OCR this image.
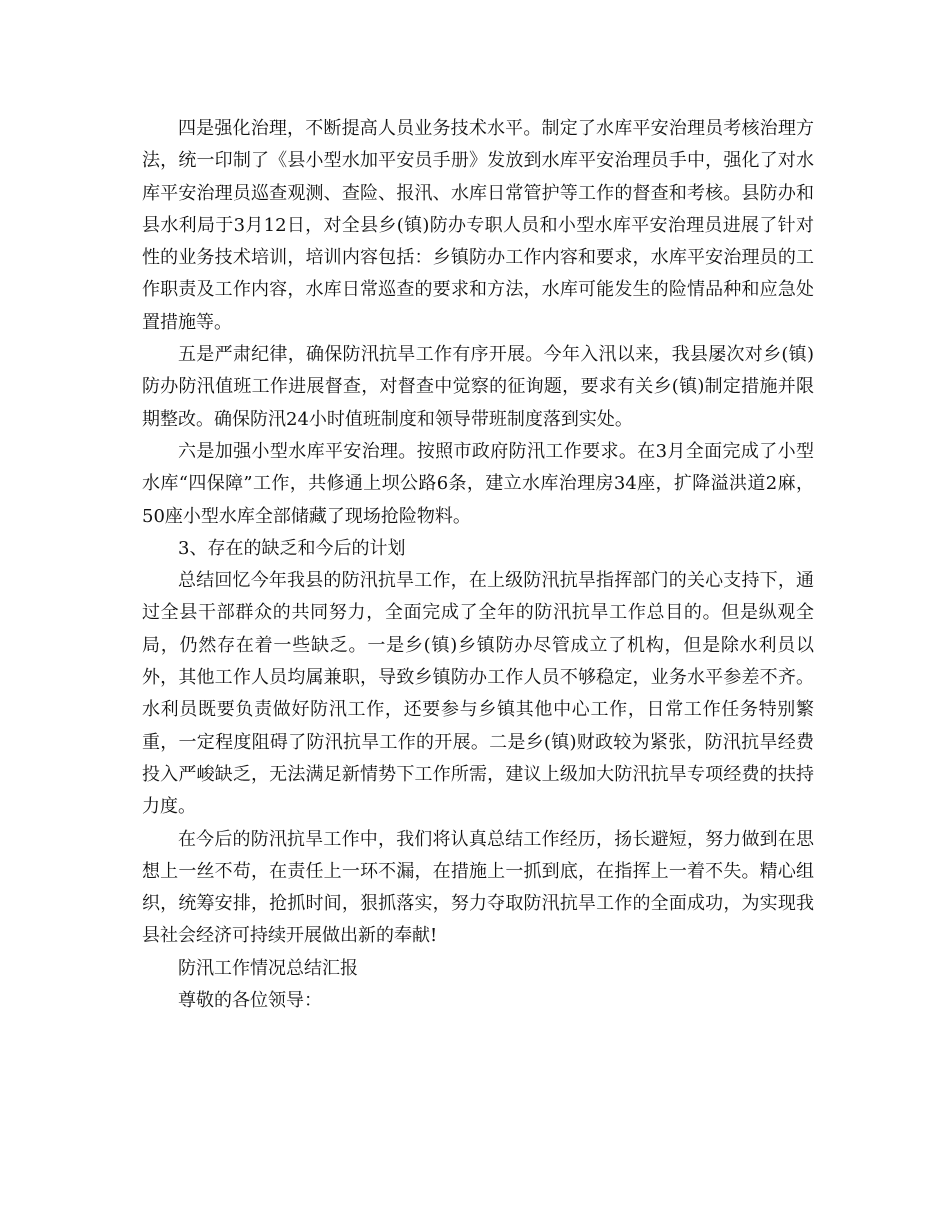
四是强化治理，不断提高人员业务技术水平。制定了水库平安治理员考核治理方法，统一印制了《县小型水加平安员手册》发放到水库平安治理员手中，强化了对水库平安治理员巡查观测、查险、报汛、水库日常管护等工作的督查和考核。县防办和县水利局于3月12日，对全县乡(镇)防办专职人员和小型水库平安治理员进展了针对性的业务技术培训，培训内容包括：乡镇防办工作内容和要求，水库平安治理员的工作职责及工作内容，水库日常巡查的要求和方法，水库可能发生的险情品种和应急处置措施等。

五是严肃纪律，确保防汛抗旱工作有序开展。今年入汛以来，我县屡次对乡(镇)防办防汛值班工作进展督查，对督查中觉察的征询题，要求有关乡(镇)制定措施并限期整改。确保防汛24小时值班制度和领导带班制度落到实处。

六是加强小型水库平安治理。按照市政府防汛工作要求。在3月全面完成了小型水库“四保障”工作，共修通上坝公路6条，建立水库治理房34座，扩降溢洪道2麻，50座小型水库全部储藏了现场抢险物料。

3、存在的缺乏和今后的计划

总结回忆今年我县的防汛抗旱工作，在上级防汛抗旱指挥部门的关心支持下，通过全县干部群众的共同努力，全面完成了全年的防汛抗旱工作总目的。但是纵观全局，仍然存在着一些缺乏。一是乡(镇)乡镇防办尽管成立了机构，但是除水利员以外，其他工作人员均属兼职，导致乡镇防办工作人员不够稳定，业务水平参差不齐。水利员既要负责做好防汛工作，还要参与乡镇其他中心工作，日常工作任务特别繁重，一定程度阻碍了防汛抗旱工作的开展。二是乡(镇)财政较为紧张，防汛抗旱经费投入严峻缺乏，无法满足新情势下工作所需，建议上级加大防汛抗旱专项经费的扶持力度。

在今后的防汛抗旱工作中，我们将认真总结工作经历，扬长避短，努力做到在思想上一丝不苟，在责任上一环不漏，在措施上一抓到底，在指挥上一着不失。精心组织，统筹安排，抢抓时间，狠抓落实，努力夺取防汛抗旱工作的全面成功，为实现我县社会经济可持续开展做出新的奉献!

防汛工作情况总结汇报

尊敬的各位领导：
